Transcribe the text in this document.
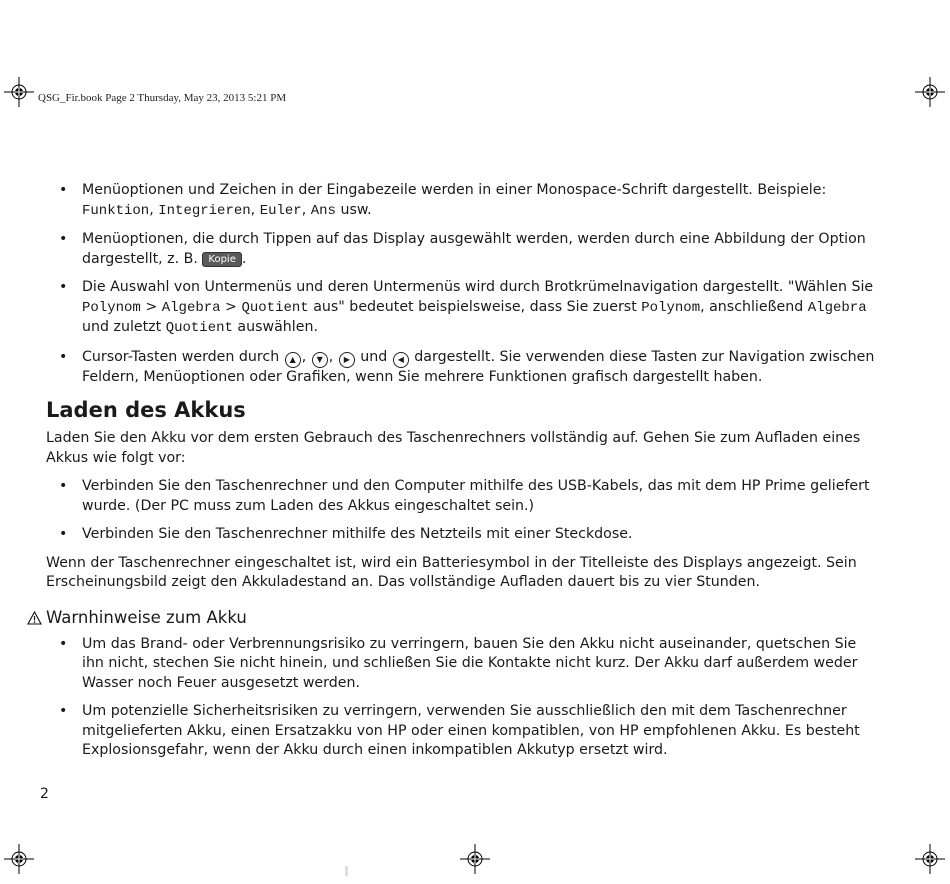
QSG_Fir.book Page 2 Thursday, May 23, 2013 5:21 PM
• Menüoptionen und Zeichen in der Eingabezeile werden in einer Monospace-Schrift dargestellt. Beispiele: Funktion, Integrieren, Euler, Ans usw.
• Menüoptionen, die durch Tippen auf das Display ausgewählt werden, werden durch eine Abbildung der Option dargestellt, z. B. Kopie .
• Die Auswahl von Untermenüs und deren Untermenüs wird durch Brotkrümelnavigation dargestellt. "Wählen Sie Polynom > Algebra > Quotient aus" bedeutet beispielsweise, dass Sie zuerst Polynom, anschließend Algebra und zuletzt Quotient auswählen.
• Cursor-Tasten werden durch ▲ , ▼ , ▶ und ◀ dargestellt. Sie verwenden diese Tasten zur Navigation zwischen Feldern, Menüoptionen oder Grafiken, wenn Sie mehrere Funktionen grafisch dargestellt haben.
Laden des Akkus

Laden Sie den Akku vor dem ersten Gebrauch des Taschenrechners vollständig auf. Gehen Sie zum Aufladen eines Akkus wie folgt vor:

• Verbinden Sie den Taschenrechner und den Computer mithilfe des USB-Kabels, das mit dem HP Prime geliefert wurde. (Der PC muss zum Laden des Akkus eingeschaltet sein.)
• Verbinden Sie den Taschenrechner mithilfe des Netzteils mit einer Steckdose.

Wenn der Taschenrechner eingeschaltet ist, wird ein Batteriesymbol in der Titelleiste des Displays angezeigt. Sein Erscheinungsbild zeigt den Akkuladestand an. Das vollständige Aufladen dauert bis zu vier Stunden.

Warnhinweise zum Akku
• Um das Brand- oder Verbrennungsrisiko zu verringern, bauen Sie den Akku nicht auseinander, quetschen Sie ihn nicht, stechen Sie nicht hinein, und schließen Sie die Kontakte nicht kurz. Der Akku darf außerdem weder Wasser noch Feuer ausgesetzt werden.
• Um potenzielle Sicherheitsrisiken zu verringern, verwenden Sie ausschließlich den mit dem Taschenrechner mitgelieferten Akku, einen Ersatzakku von HP oder einen kompatiblen, von HP empfohlenen Akku. Es besteht Explosionsgefahr, wenn der Akku durch einen inkompatiblen Akkutyp ersetzt wird.
2
